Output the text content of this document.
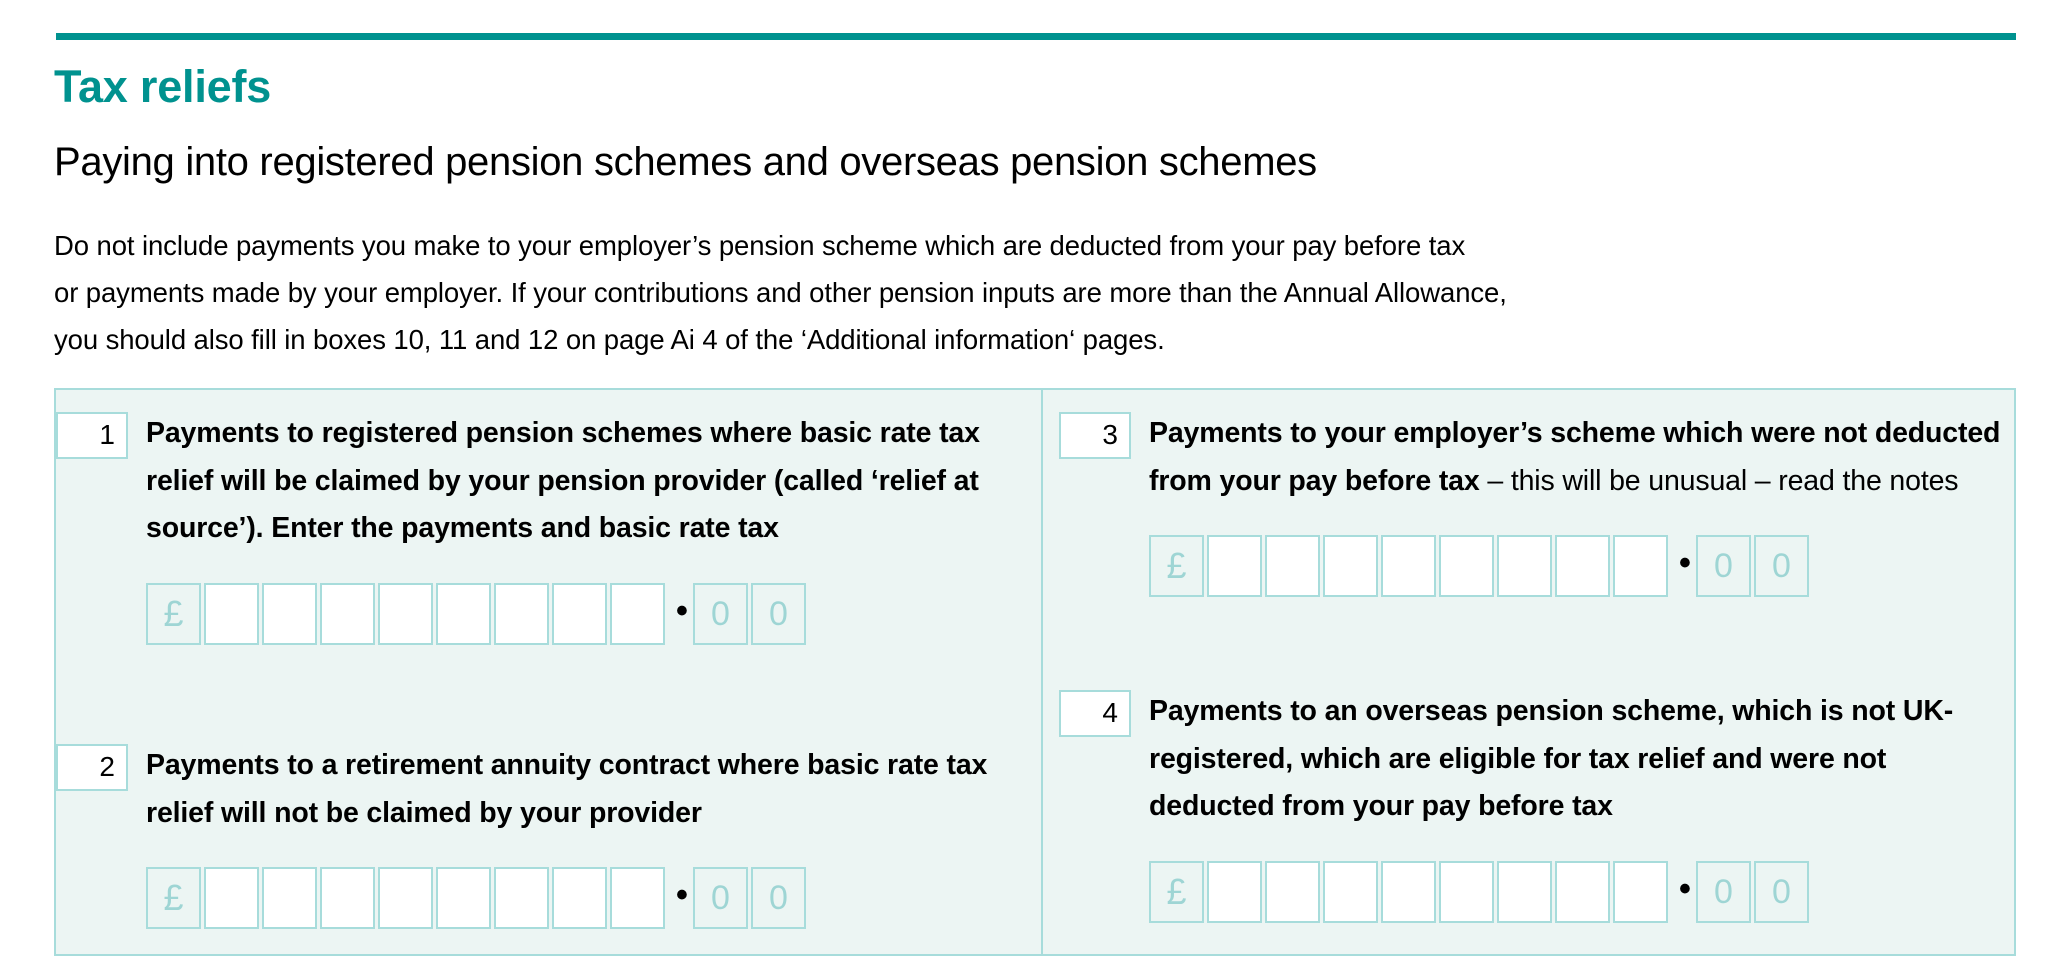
Tax reliefs
Paying into registered pension schemes and overseas pension schemes
Do not include payments you make to your employer’s pension scheme which are deducted from your pay before tax
or payments made by your employer. If your contributions and other pension inputs are more than the Annual Allowance,
you should also fill in boxes 10, 11 and 12 on page Ai 4 of the ‘Additional information‘ pages.
1	Payments to registered pension schemes where basic rate tax relief will be claimed by your pension provider (called ‘relief at source’). Enter the payments and basic rate tax
£	• 0	0
2	Payments to a retirement annuity contract where basic rate tax relief will not be claimed by your provider
£	• 0	0
3	Payments to your employer’s scheme which were not deducted from your pay before tax – this will be unusual – read the notes
£	• 0	0
4	Payments to an overseas pension scheme, which is not UK-registered, which are eligible for tax relief and were not deducted from your pay before tax
£	• 0	0
